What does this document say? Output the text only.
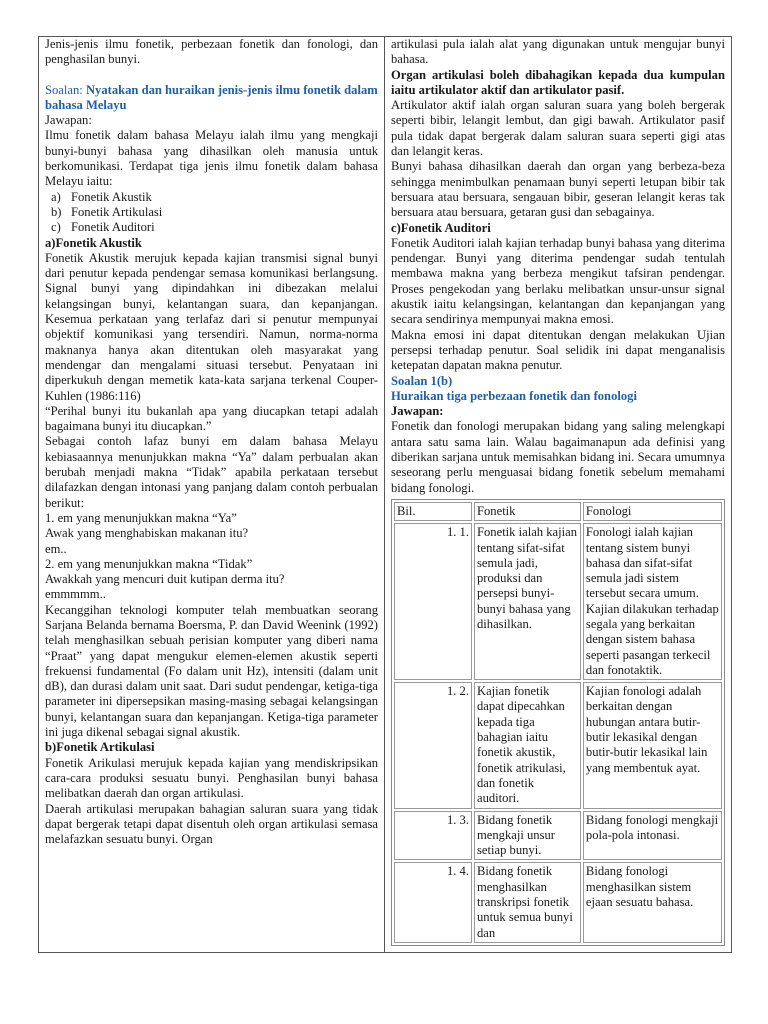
Jenis-jenis ilmu fonetik, perbezaan fonetik dan fonologi, dan penghasilan bunyi.

Soalan: Nyatakan dan huraikan jenis-jenis ilmu fonetik dalam bahasa Melayu

Jawapan:

Ilmu fonetik dalam bahasa Melayu ialah ilmu yang mengkaji bunyi-bunyi bahasa yang dihasilkan oleh manusia untuk berkomunikasi. Terdapat tiga jenis ilmu fonetik dalam bahasa Melayu iaitu:

a) Fonetik Akustik
b) Fonetik Artikulasi
c) Fonetik Auditori

a)Fonetik Akustik

Fonetik Akustik merujuk kepada kajian transmisi signal bunyi dari penutur kepada pendengar semasa komunikasi berlangsung. Signal bunyi yang dipindahkan ini dibezakan melalui kelangsingan bunyi, kelantangan suara, dan kepanjangan. Kesemua perkataan yang terlafaz dari si penutur mempunyai objektif komunikasi yang tersendiri. Namun, norma-norma maknanya hanya akan ditentukan oleh masyarakat yang mendengar dan mengalami situasi tersebut. Penyataan ini diperkukuh dengan memetik kata-kata sarjana terkenal Couper-Kuhlen (1986:116)

“Perihal bunyi itu bukanlah apa yang diucapkan tetapi adalah bagaimana bunyi itu diucapkan.”

Sebagai contoh lafaz bunyi em dalam bahasa Melayu kebiasaannya menunjukkan makna “Ya” dalam perbualan akan berubah menjadi makna “Tidak” apabila perkataan tersebut dilafazkan dengan intonasi yang panjang dalam contoh perbualan berikut:

1. em yang menunjukkan makna “Ya”

Awak yang menghabiskan makanan itu?

em..

2. em yang menunjukkan makna “Tidak”

Awakkah yang mencuri duit kutipan derma itu?

emmmmm..

Kecanggihan teknologi komputer telah membuatkan seorang Sarjana Belanda bernama Boersma, P. dan David Weenink (1992) telah menghasilkan sebuah perisian komputer yang diberi nama “Praat” yang dapat mengukur elemen-elemen akustik seperti frekuensi fundamental (Fo dalam unit Hz), intensiti (dalam unit dB), dan durasi dalam unit saat. Dari sudut pendengar, ketiga-tiga parameter ini dipersepsikan masing-masing sebagai kelangsingan bunyi, kelantangan suara dan kepanjangan. Ketiga-tiga parameter ini juga dikenal sebagai signal akustik.

b)Fonetik Artikulasi

Fonetik Arikulasi merujuk kepada kajian yang mendiskripsikan cara-cara produksi sesuatu bunyi. Penghasilan bunyi bahasa melibatkan daerah dan organ artikulasi.

Daerah artikulasi merupakan bahagian saluran suara yang tidak dapat bergerak tetapi dapat disentuh oleh organ artikulasi semasa melafazkan sesuatu bunyi. Organ

artikulasi pula ialah alat yang digunakan untuk mengujar bunyi bahasa.

Organ artikulasi boleh dibahagikan kepada dua kumpulan iaitu artikulator aktif dan artikulator pasif.

Artikulator aktif ialah organ saluran suara yang boleh bergerak seperti bibir, lelangit lembut, dan gigi bawah. Artikulator pasif pula tidak dapat bergerak dalam saluran suara seperti gigi atas dan lelangit keras.

Bunyi bahasa dihasilkan daerah dan organ yang berbeza-beza sehingga menimbulkan penamaan bunyi seperti letupan bibir tak bersuara atau bersuara, sengauan bibir, geseran lelangit keras tak bersuara atau bersuara, getaran gusi dan sebagainya.

c)Fonetik Auditori

Fonetik Auditori ialah kajian terhadap bunyi bahasa yang diterima pendengar. Bunyi yang diterima pendengar sudah tentulah membawa makna yang berbeza mengikut tafsiran pendengar. Proses pengekodan yang berlaku melibatkan unsur-unsur signal akustik iaitu kelangsingan, kelantangan dan kepanjangan yang secara sendirinya mempunyai makna emosi.

Makna emosi ini dapat ditentukan dengan melakukan Ujian persepsi terhadap penutur. Soal selidik ini dapat menganalisis ketepatan dapatan makna penutur.

Soalan 1(b)

Huraikan tiga perbezaan fonetik dan fonologi

Jawapan:

Fonetik dan fonologi merupakan bidang yang saling melengkapi antara satu sama lain. Walau bagaimanapun ada definisi yang diberikan sarjana untuk memisahkan bidang ini. Secara umumnya seseorang perlu menguasai bidang fonetik sebelum memahami bidang fonologi.

Bil.	Fonetik	Fonologi
1. 1.	Fonetik ialah kajian tentang sifat-sifat semula jadi, produksi dan persepsi bunyi-bunyi bahasa yang dihasilkan.	Fonologi ialah kajian tentang sistem bunyi bahasa dan sifat-sifat semula jadi sistem tersebut secara umum. Kajian dilakukan terhadap segala yang berkaitan dengan sistem bahasa seperti pasangan terkecil dan fonotaktik.
1. 2.	Kajian fonetik dapat dipecahkan kepada tiga bahagian iaitu fonetik akustik, fonetik atrikulasi, dan fonetik auditori.	Kajian fonologi adalah berkaitan dengan hubungan antara butir-butir lekasikal dengan butir-butir lekasikal lain yang membentuk ayat.
1. 3.	Bidang fonetik mengkaji unsur setiap bunyi.	Bidang fonologi mengkaji pola-pola intonasi.
1. 4.	Bidang fonetik menghasilkan transkripsi fonetik untuk semua bunyi dan	Bidang fonologi menghasilkan sistem ejaan sesuatu bahasa.
